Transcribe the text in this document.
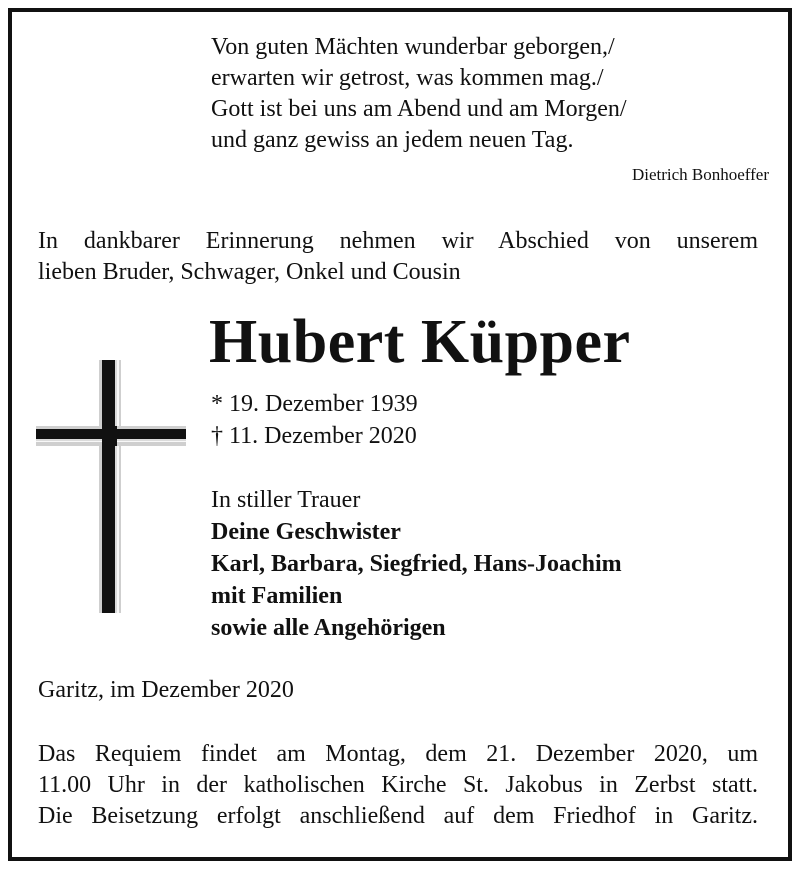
Von guten Mächten wunderbar geborgen,/
erwarten wir getrost, was kommen mag./
Gott ist bei uns am Abend und am Morgen/
und ganz gewiss an jedem neuen Tag.
Dietrich Bonhoeffer
In dankbarer Erinnerung nehmen wir Abschied von unserem
lieben Bruder, Schwager, Onkel und Cousin
Hubert Küpper
* 19. Dezember 1939
† 11. Dezember 2020
In stiller Trauer
Deine Geschwister
Karl, Barbara, Siegfried, Hans-Joachim
mit Familien
sowie alle Angehörigen
Garitz, im Dezember 2020
Das Requiem findet am Montag, dem 21. Dezember 2020, um
11.00 Uhr in der katholischen Kirche St. Jakobus in Zerbst statt.
Die Beisetzung erfolgt anschließend auf dem Friedhof in Garitz.
